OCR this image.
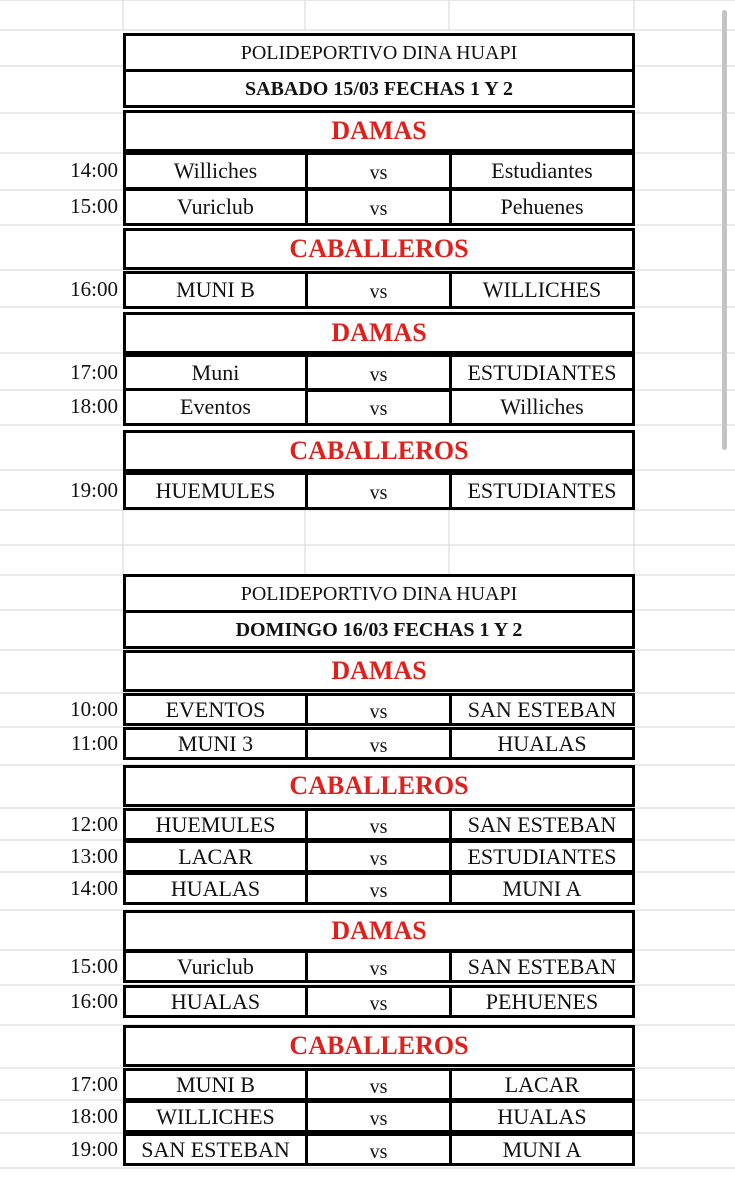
POLIDEPORTIVO DINA HUAPI
SABADO 15/03 FECHAS 1 Y 2
DAMAS
14:00	Williches	vs	Estudiantes
15:00	Vuriclub	vs	Pehuenes
CABALLEROS
16:00	MUNI B	vs	WILLICHES
DAMAS
17:00	Muni	vs	ESTUDIANTES
18:00	Eventos	vs	Williches
CABALLEROS
19:00	HUEMULES	vs	ESTUDIANTES
POLIDEPORTIVO DINA HUAPI
DOMINGO 16/03 FECHAS 1 Y 2
DAMAS
10:00	EVENTOS	vs	SAN ESTEBAN
11:00	MUNI 3	vs	HUALAS
CABALLEROS
12:00	HUEMULES	vs	SAN ESTEBAN
13:00	LACAR	vs	ESTUDIANTES
14:00	HUALAS	vs	MUNI A
DAMAS
15:00	Vuriclub	vs	SAN ESTEBAN
16:00	HUALAS	vs	PEHUENES
CABALLEROS
17:00	MUNI B	vs	LACAR
18:00	WILLICHES	vs	HUALAS
19:00	SAN ESTEBAN	vs	MUNI A
